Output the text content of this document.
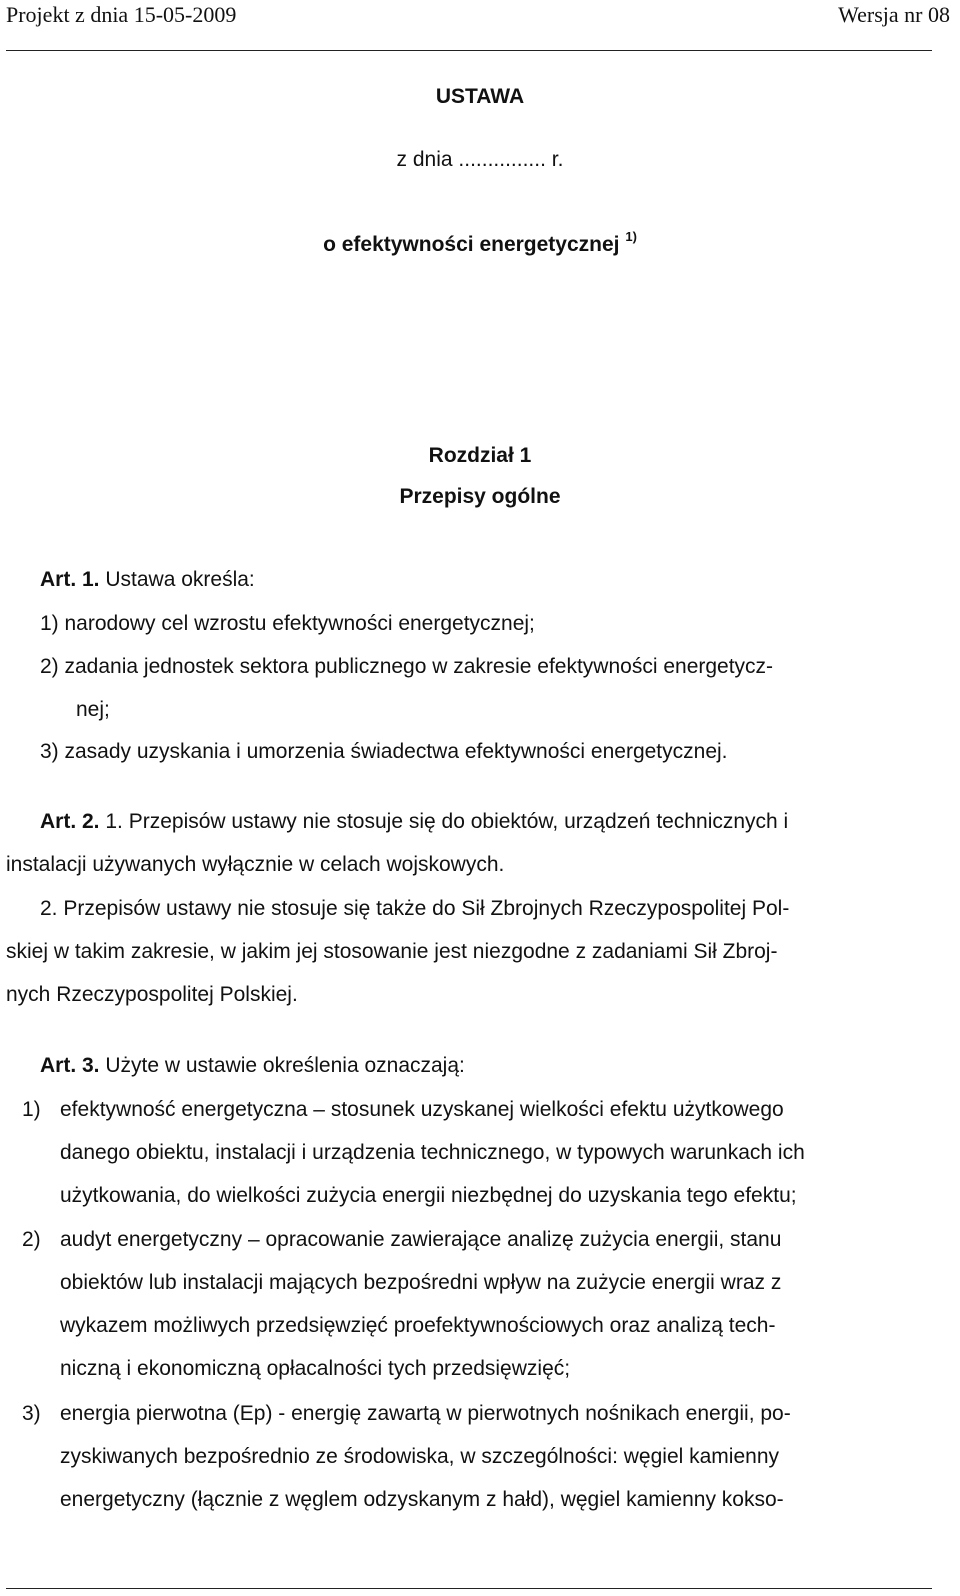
Projekt z dnia 15-05-2009	Wersja nr 08
USTAWA
z dnia ............... r.
o efektywności energetycznej $^{1)}$
Rozdział 1
Przepisy ogólne
Art. 1. Ustawa określa:
1) narodowy cel wzrostu efektywności energetycznej;
2) zadania jednostek sektora publicznego w zakresie efektywności energetycz-
nej;
3) zasady uzyskania i umorzenia świadectwa efektywności energetycznej.
Art. 2. 1. Przepisów ustawy nie stosuje się do obiektów, urządzeń technicznych i
instalacji używanych wyłącznie w celach wojskowych.
2. Przepisów ustawy nie stosuje się także do Sił Zbrojnych Rzeczypospolitej Pol-
skiej w takim zakresie, w jakim jej stosowanie jest niezgodne z zadaniami Sił Zbroj-
nych Rzeczypospolitej Polskiej.
Art. 3. Użyte w ustawie określenia oznaczają:
1) efektywność energetyczna – stosunek uzyskanej wielkości efektu użytkowego
danego obiektu, instalacji i urządzenia technicznego, w typowych warunkach ich
użytkowania, do wielkości zużycia energii niezbędnej do uzyskania tego efektu;
2) audyt energetyczny – opracowanie zawierające analizę zużycia energii, stanu
obiektów lub instalacji mających bezpośredni wpływ na zużycie energii wraz z
wykazem możliwych przedsięwzięć proefektywnościowych oraz analizą tech-
niczną i ekonomiczną opłacalności tych przedsięwzięć;
3) energia pierwotna (Ep) - energię zawartą w pierwotnych nośnikach energii, po-
zyskiwanych bezpośrednio ze środowiska, w szczególności: węgiel kamienny
energetyczny (łącznie z węglem odzyskanym z hałd), węgiel kamienny kokso-
